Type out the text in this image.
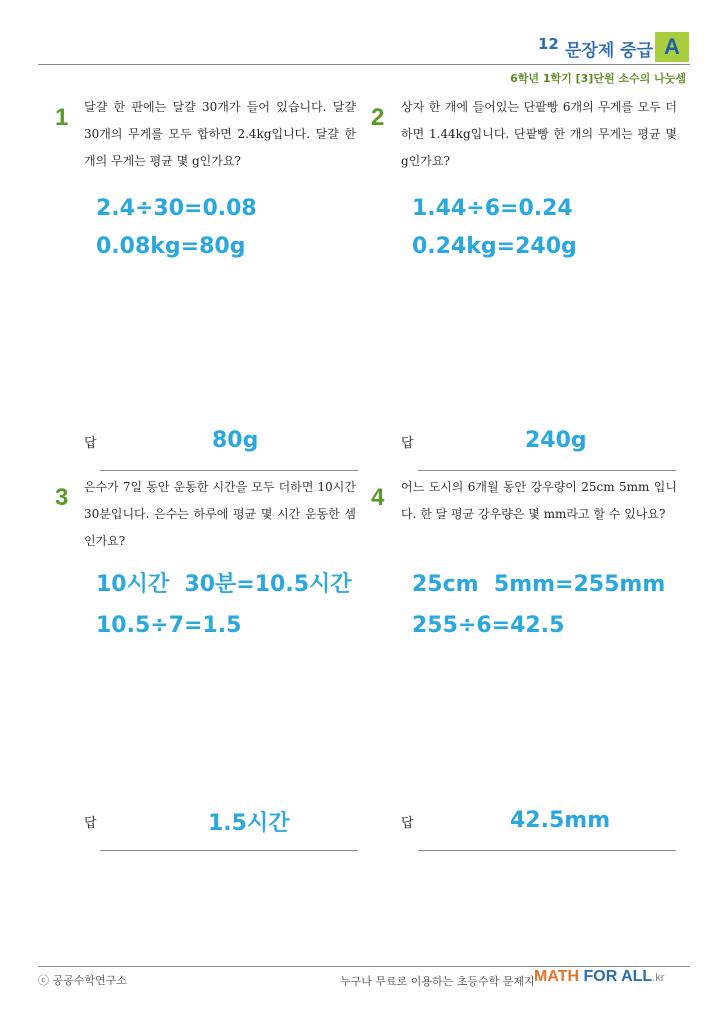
12 문장제 중급 A
6학년 1학기 [3]단원 소수의 나눗셈
1 달걀 한 판에는 달걀 30개가 들어 있습니다. 달걀 30개의 무게를 모두 합하면 2.4kg입니다. 달걀 한 개의 무게는 평균 몇 g인가요?
2.4÷30=0.08
0.08kg=80g
답	80g
2 상자 한 개에 들어있는 단팥빵 6개의 무게를 모두 더하면 1.44kg입니다. 단팥빵 한 개의 무게는 평균 몇 g인가요?
1.44÷6=0.24
0.24kg=240g
답	240g
3 은수가 7일 동안 운동한 시간을 모두 더하면 10시간 30분입니다. 은수는 하루에 평균 몇 시간 운동한 셈인가요?
10시간  30분=10.5시간
10.5÷7=1.5
답	1.5시간
4 어느 도시의 6개월 동안 강우량이 25cm 5mm 입니다. 한 달 평균 강우량은 몇 mm라고 할 수 있나요?
25cm  5mm=255mm
255÷6=42.5
답	42.5mm
ⓒ 공공수학연구소	누구나 무료로 이용하는 초등수학 문제지 MATH FOR ALL.kr
